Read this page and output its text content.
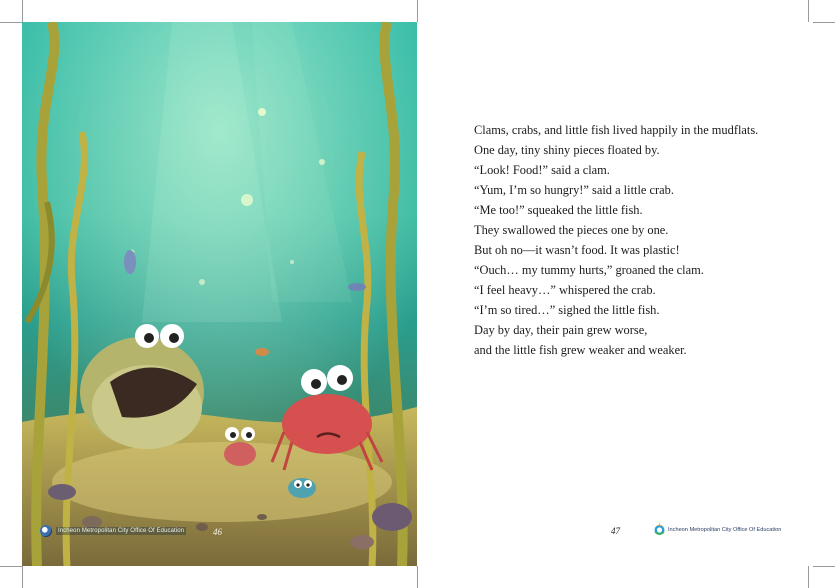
Incheon Metropolitan City Office Of Education	46

Clams, crabs, and little fish lived happily in the mudflats.

One day, tiny shiny pieces floated by.

“Look! Food!” said a clam.

“Yum, I’m so hungry!” said a little crab.

“Me too!” squeaked the little fish.

They swallowed the pieces one by one.

But oh no—it wasn’t food. It was plastic!

“Ouch… my tummy hurts,” groaned the clam.

“I feel heavy…” whispered the crab.

“I’m so tired…” sighed the little fish.

Day by day, their pain grew worse,

and the little fish grew weaker and weaker.

47	Incheon Metropolitan City Office Of Education
